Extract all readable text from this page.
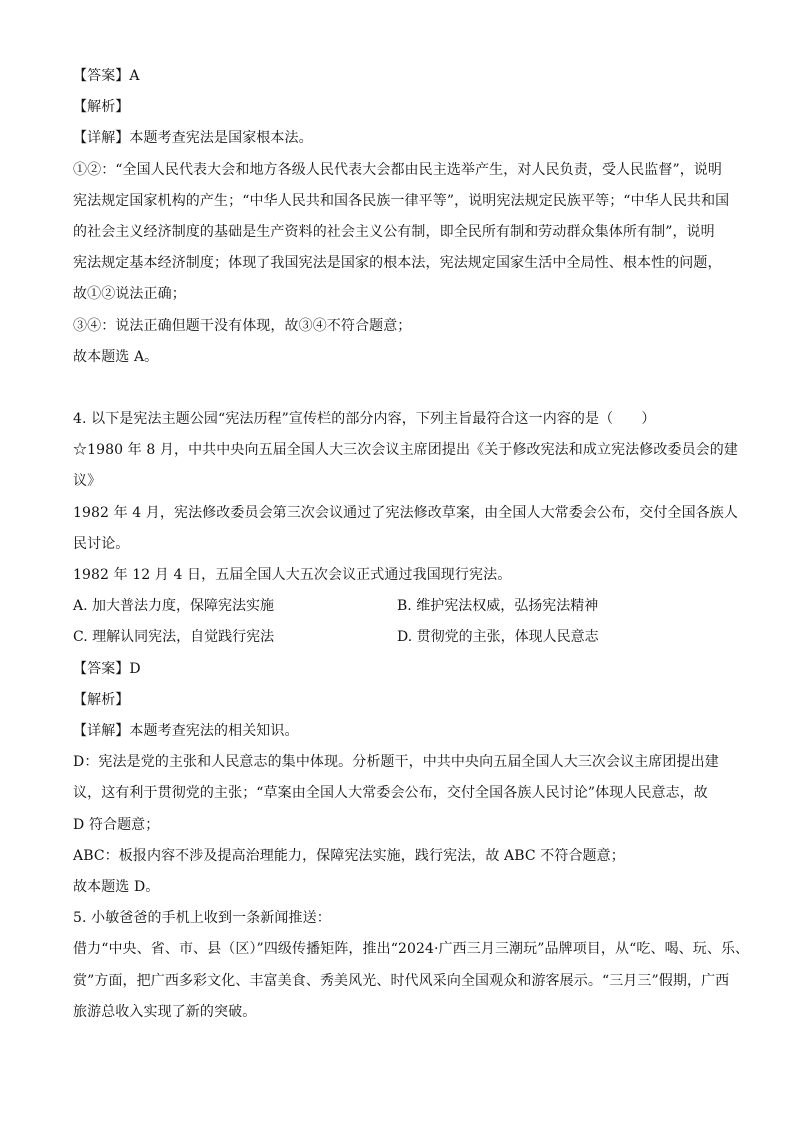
【答案】A
【解析】
【详解】本题考查宪法是国家根本法。
①②：“全国人民代表大会和地方各级人民代表大会都由民主选举产生，对人民负责，受人民监督”，说明
宪法规定国家机构的产生；“中华人民共和国各民族一律平等”，说明宪法规定民族平等；“中华人民共和国
的社会主义经济制度的基础是生产资料的社会主义公有制，即全民所有制和劳动群众集体所有制”，说明
宪法规定基本经济制度；体现了我国宪法是国家的根本法，宪法规定国家生活中全局性、根本性的问题，
故①②说法正确；
③④：说法正确但题干没有体现，故③④不符合题意；
故本题选 A。
4. 以下是宪法主题公园“宪法历程”宣传栏的部分内容，下列主旨最符合这一内容的是（　　）
☆1980 年 8 月，中共中央向五届全国人大三次会议主席团提出《关于修改宪法和成立宪法修改委员会的建
议》
1982 年 4 月，宪法修改委员会第三次会议通过了宪法修改草案，由全国人大常委会公布，交付全国各族人
民讨论。
1982 年 12 月 4 日，五届全国人大五次会议正式通过我国现行宪法。
A. 加大普法力度，保障宪法实施	B. 维护宪法权威，弘扬宪法精神
C. 理解认同宪法，自觉践行宪法	D. 贯彻党的主张，体现人民意志
【答案】D
【解析】
【详解】本题考查宪法的相关知识。
D：宪法是党的主张和人民意志的集中体现。分析题干，中共中央向五届全国人大三次会议主席团提出建
议，这有利于贯彻党的主张；“草案由全国人大常委会公布，交付全国各族人民讨论”体现人民意志，故
D 符合题意；
ABC：板报内容不涉及提高治理能力，保障宪法实施，践行宪法，故 ABC 不符合题意；
故本题选 D。
5. 小敏爸爸的手机上收到一条新闻推送：
借力“中央、省、市、县（区）”四级传播矩阵，推出“2024·广西三月三潮玩”品牌项目，从“吃、喝、玩、乐、
赏”方面，把广西多彩文化、丰富美食、秀美风光、时代风采向全国观众和游客展示。“三月三”假期，广西
旅游总收入实现了新的突破。
